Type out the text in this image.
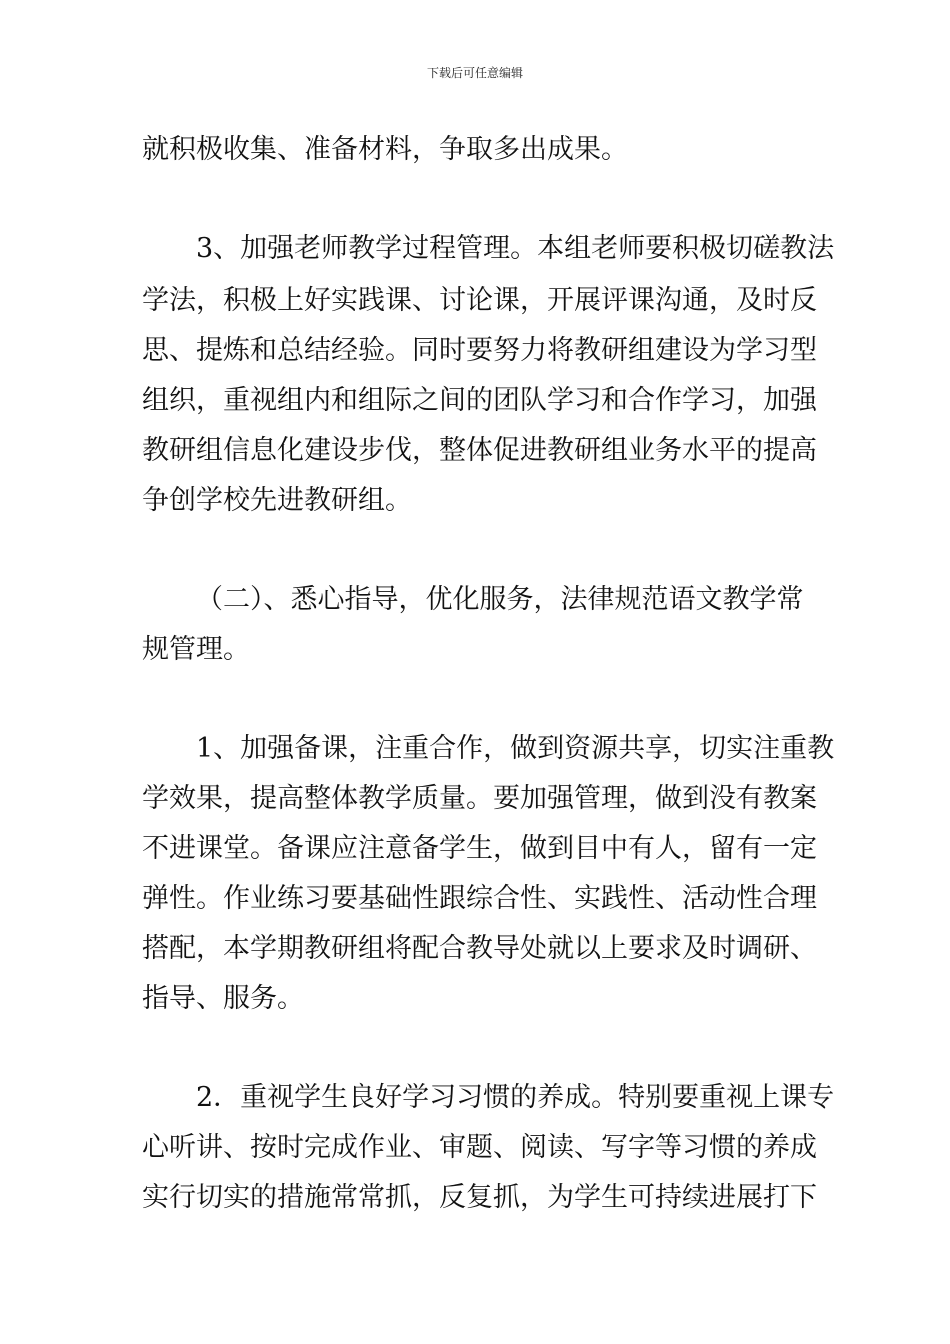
下载后可任意编辑
就积极收集、准备材料，争取多出成果。
3、加强老师教学过程管理。本组老师要积极切磋教法
学法，积极上好实践课、讨论课，开展评课沟通，及时反
思、提炼和总结经验。同时要努力将教研组建设为学习型
组织，重视组内和组际之间的团队学习和合作学习，加强
教研组信息化建设步伐，整体促进教研组业务水平的提高
争创学校先进教研组。
（二）、悉心指导，优化服务，法律规范语文教学常
规管理。
1、加强备课，注重合作，做到资源共享，切实注重教
学效果，提高整体教学质量。要加强管理，做到没有教案
不进课堂。备课应注意备学生，做到目中有人，留有一定
弹性。作业练习要基础性跟综合性、实践性、活动性合理
搭配，本学期教研组将配合教导处就以上要求及时调研、
指导、服务。
2．重视学生良好学习习惯的养成。特别要重视上课专
心听讲、按时完成作业、审题、阅读、写字等习惯的养成
实行切实的措施常常抓，反复抓，为学生可持续进展打下
